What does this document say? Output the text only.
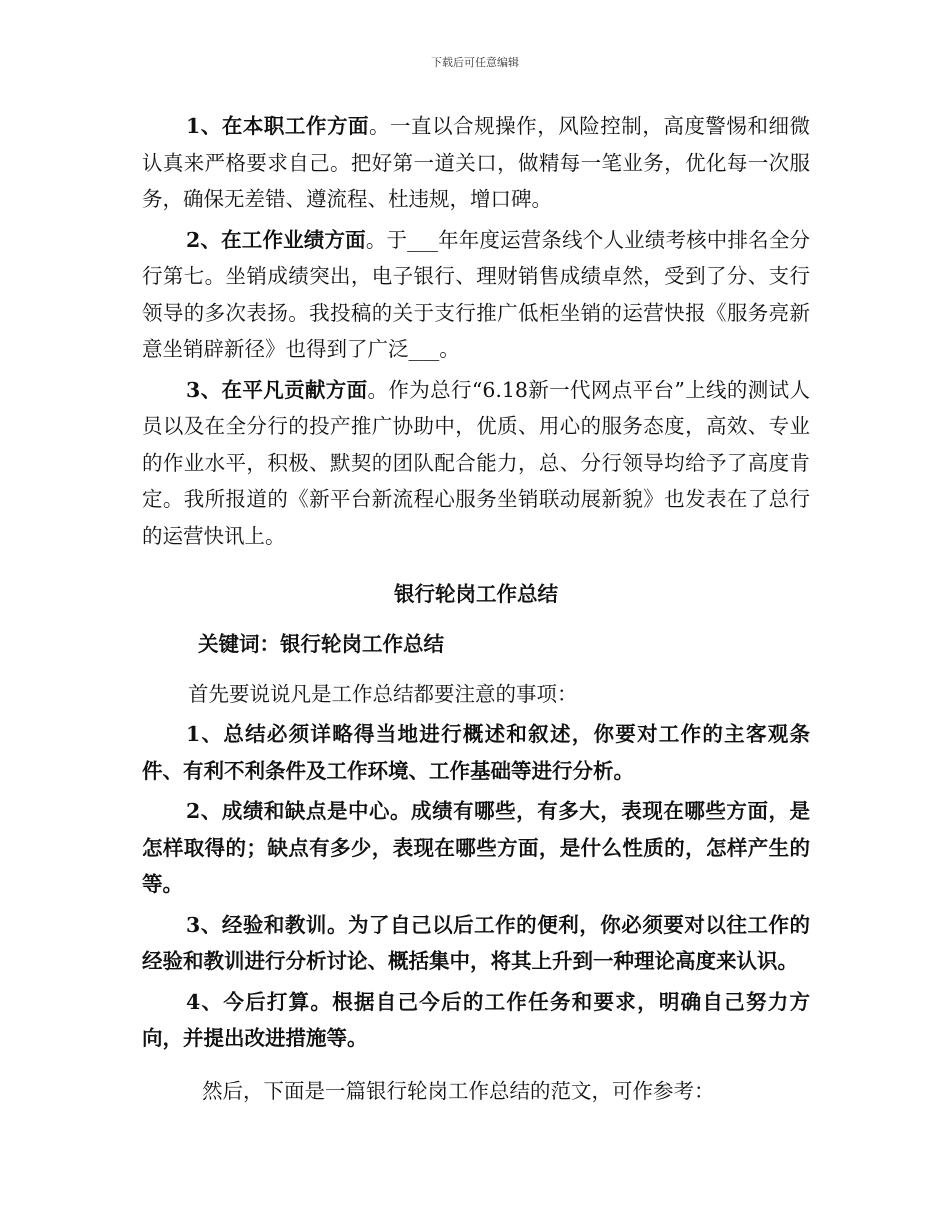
下载后可任意编辑

1、在本职工作方面。一直以合规操作，风险控制，高度警惕和细微认真来严格要求自己。把好第一道关口，做精每一笔业务，优化每一次服务，确保无差错、遵流程、杜违规，增口碑。

2、在工作业绩方面。于___年年度运营条线个人业绩考核中排名全分行第七。坐销成绩突出，电子银行、理财销售成绩卓然，受到了分、支行领导的多次表扬。我投稿的关于支行推广低柜坐销的运营快报《服务亮新意坐销辟新径》也得到了广泛___。

3、在平凡贡献方面。作为总行“6.18新一代网点平台”上线的测试人员以及在全分行的投产推广协助中，优质、用心的服务态度，高效、专业的作业水平，积极、默契的团队配合能力，总、分行领导均给予了高度肯定。我所报道的《新平台新流程心服务坐销联动展新貌》也发表在了总行的运营快讯上。

银行轮岗工作总结
关键词：银行轮岗工作总结
首先要说说凡是工作总结都要注意的事项：

1、总结必须详略得当地进行概述和叙述，你要对工作的主客观条件、有利不利条件及工作环境、工作基础等进行分析。

2、成绩和缺点是中心。成绩有哪些，有多大，表现在哪些方面，是怎样取得的；缺点有多少，表现在哪些方面，是什么性质的，怎样产生的等。

3、经验和教训。为了自己以后工作的便利，你必须要对以往工作的经验和教训进行分析讨论、概括集中，将其上升到一种理论高度来认识。

4、今后打算。根据自己今后的工作任务和要求，明确自己努力方向，并提出改进措施等。

然后，下面是一篇银行轮岗工作总结的范文，可作参考：
